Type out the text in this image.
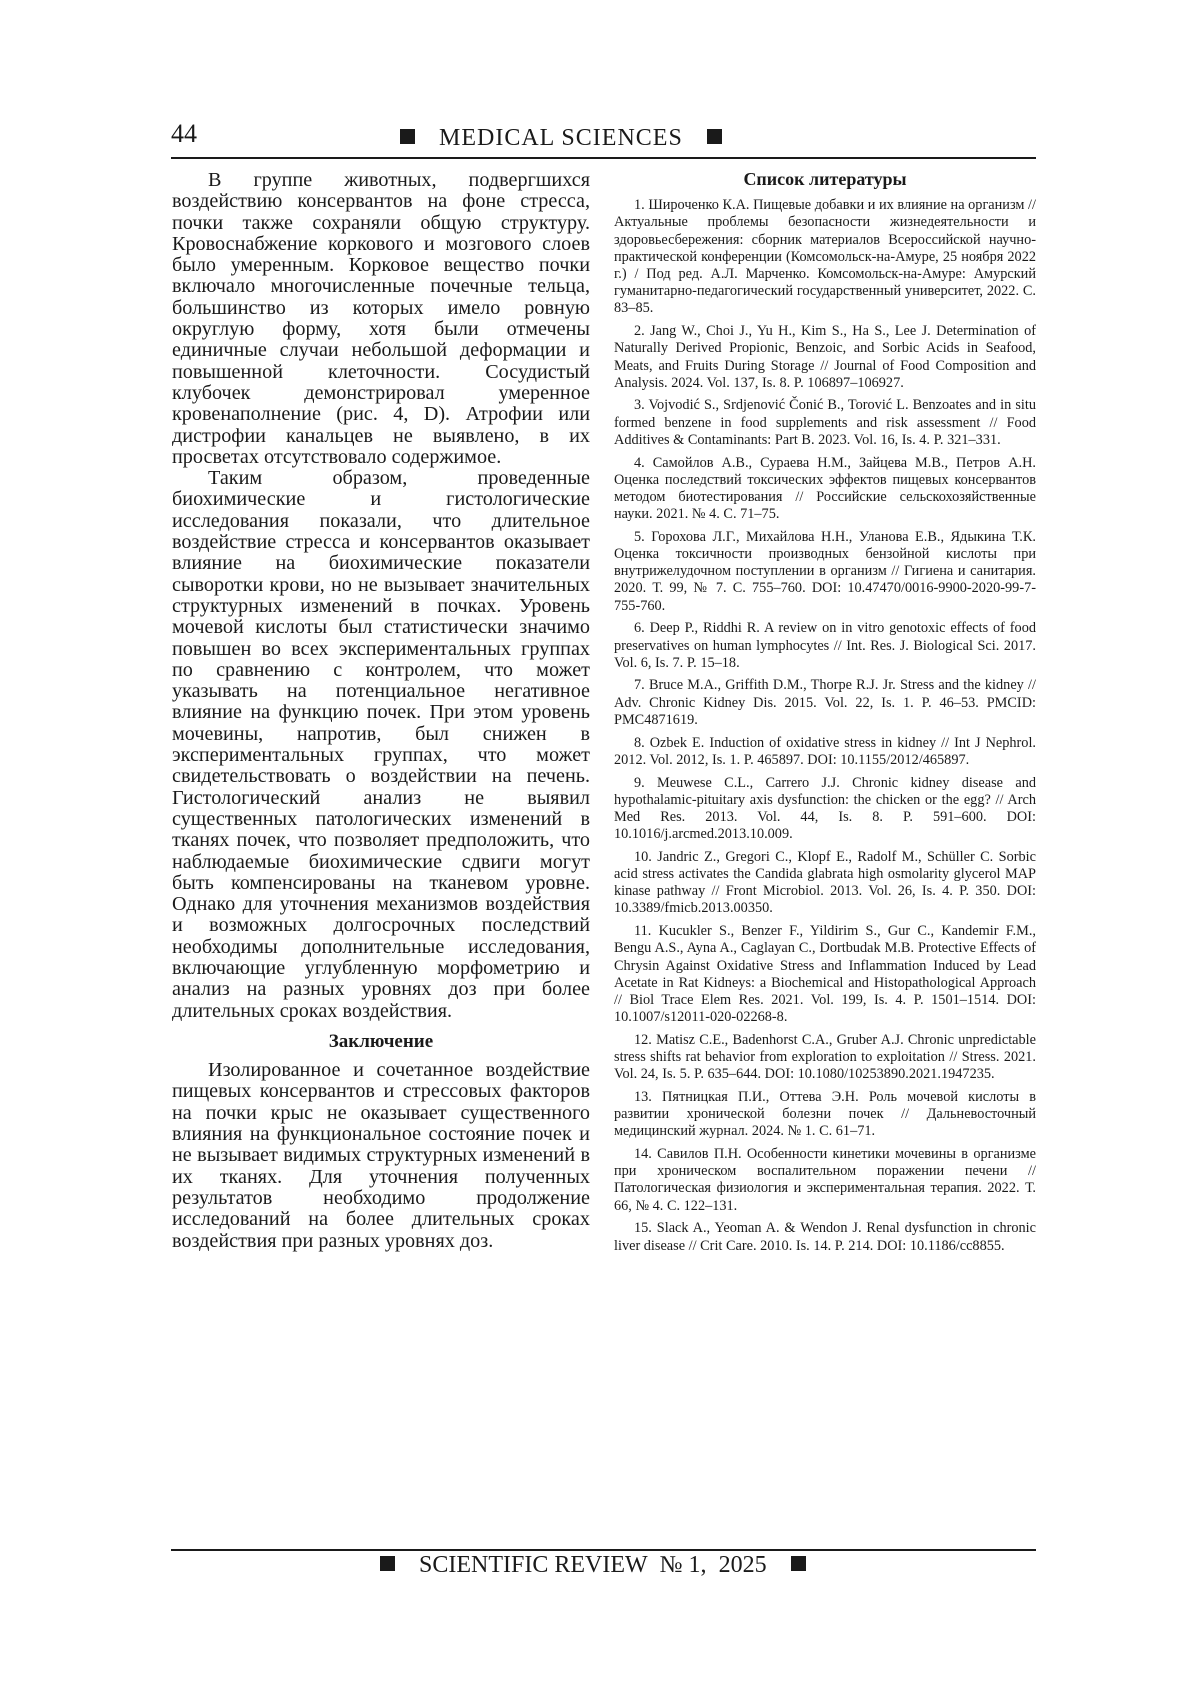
44	MEDICAL SCIENCES

В группе животных, подвергшихся воздействию консервантов на фоне стресса, почки также сохраняли общую структуру. Кровоснабжение коркового и мозгового слоев было умеренным. Корковое вещество почки включало многочисленные почечные тельца, большинство из которых имело ровную округлую форму, хотя были отмечены единичные случаи небольшой деформации и повышенной клеточности. Сосудистый клубочек демонстрировал умеренное кровенаполнение (рис. 4, D). Атрофии или дистрофии канальцев не выявлено, в их просветах отсутствовало содержимое.

Таким образом, проведенные биохимические и гистологические исследования показали, что длительное воздействие стресса и консервантов оказывает влияние на биохимические показатели сыворотки крови, но не вызывает значительных структурных изменений в почках. Уровень мочевой кислоты был статистически значимо повышен во всех экспериментальных группах по сравнению с контролем, что может указывать на потенциальное негативное влияние на функцию почек. При этом уровень мочевины, напротив, был снижен в экспериментальных группах, что может свидетельствовать о воздействии на печень. Гистологический анализ не выявил существенных патологических изменений в тканях почек, что позволяет предположить, что наблюдаемые биохимические сдвиги могут быть компенсированы на тканевом уровне. Однако для уточнения механизмов воздействия и возможных долгосрочных последствий необходимы дополнительные исследования, включающие углубленную морфометрию и анализ на разных уровнях доз при более длительных сроках воздействия.

Заключение

Изолированное и сочетанное воздействие пищевых консервантов и стрессовых факторов на почки крыс не оказывает существенного влияния на функциональное состояние почек и не вызывает видимых структурных изменений в их тканях. Для уточнения полученных результатов необходимо продолжение исследований на более длительных сроках воздействия при разных уровнях доз.

Список литературы

1. Широченко К.А. Пищевые добавки и их влияние на организм // Актуальные проблемы безопасности жизнедеятельности и здоровьесбережения: сборник материалов Всероссийской научно-практической конференции (Комсомольск-на-Амуре, 25 ноября 2022 г.) / Под ред. А.Л. Марченко. Комсомольск-на-Амуре: Амурский гуманитарно-педагогический государственный университет, 2022. С. 83–85.

2. Jang W., Choi J., Yu H., Kim S., Ha S., Lee J. Determination of Naturally Derived Propionic, Benzoic, and Sorbic Acids in Seafood, Meats, and Fruits During Storage // Journal of Food Composition and Analysis. 2024. Vol. 137, Is. 8. P. 106897–106927.

3. Vojvodić S., Srdjenović Čonić B., Torović L. Benzoates and in situ formed benzene in food supplements and risk assessment // Food Additives & Contaminants: Part B. 2023. Vol. 16, Is. 4. P. 321–331.

4. Самойлов А.В., Сураева Н.М., Зайцева М.В., Петров А.Н. Оценка последствий токсических эффектов пищевых консервантов методом биотестирования // Российские сельскохозяйственные науки. 2021. № 4. С. 71–75.

5. Горохова Л.Г., Михайлова Н.Н., Уланова Е.В., Ядыкина Т.К. Оценка токсичности производных бензойной кислоты при внутрижелудочном поступлении в организм // Гигиена и санитария. 2020. Т. 99, № 7. С. 755–760. DOI: 10.47470/0016-9900-2020-99-7-755-760.

6. Deep P., Riddhi R. A review on in vitro genotoxic effects of food preservatives on human lymphocytes // Int. Res. J. Biological Sci. 2017. Vol. 6, Is. 7. P. 15–18.

7. Bruce M.A., Griffith D.M., Thorpe R.J. Jr. Stress and the kidney // Adv. Chronic Kidney Dis. 2015. Vol. 22, Is. 1. P. 46–53. PMCID: PMC4871619.

8. Ozbek E. Induction of oxidative stress in kidney // Int J Nephrol. 2012. Vol. 2012, Is. 1. P. 465897. DOI: 10.1155/2012/465897.

9. Meuwese C.L., Carrero J.J. Chronic kidney disease and hypothalamic-pituitary axis dysfunction: the chicken or the egg? // Arch Med Res. 2013. Vol. 44, Is. 8. P. 591–600. DOI: 10.1016/j.arcmed.2013.10.009.

10. Jandric Z., Gregori C., Klopf E., Radolf M., Schüller C. Sorbic acid stress activates the Candida glabrata high osmolarity glycerol MAP kinase pathway // Front Microbiol. 2013. Vol. 26, Is. 4. P. 350. DOI: 10.3389/fmicb.2013.00350.

11. Kucukler S., Benzer F., Yildirim S., Gur C., Kandemir F.M., Bengu A.S., Ayna A., Caglayan C., Dortbudak M.B. Protective Effects of Chrysin Against Oxidative Stress and Inflammation Induced by Lead Acetate in Rat Kidneys: a Biochemical and Histopathological Approach // Biol Trace Elem Res. 2021. Vol. 199, Is. 4. P. 1501–1514. DOI: 10.1007/s12011-020-02268-8.

12. Matisz C.E., Badenhorst C.A., Gruber A.J. Chronic unpredictable stress shifts rat behavior from exploration to exploitation // Stress. 2021. Vol. 24, Is. 5. P. 635–644. DOI: 10.1080/10253890.2021.1947235.

13. Пятницкая П.И., Оттева Э.Н. Роль мочевой кислоты в развитии хронической болезни почек // Дальневосточный медицинский журнал. 2024. № 1. С. 61–71.

14. Савилов П.Н. Особенности кинетики мочевины в организме при хроническом воспалительном поражении печени // Патологическая физиология и экспериментальная терапия. 2022. Т. 66, № 4. С. 122–131.

15. Slack A., Yeoman A. & Wendon J. Renal dysfunction in chronic liver disease // Crit Care. 2010. Is. 14. P. 214. DOI: 10.1186/cc8855.

SCIENTIFIC REVIEW № 1, 2025
